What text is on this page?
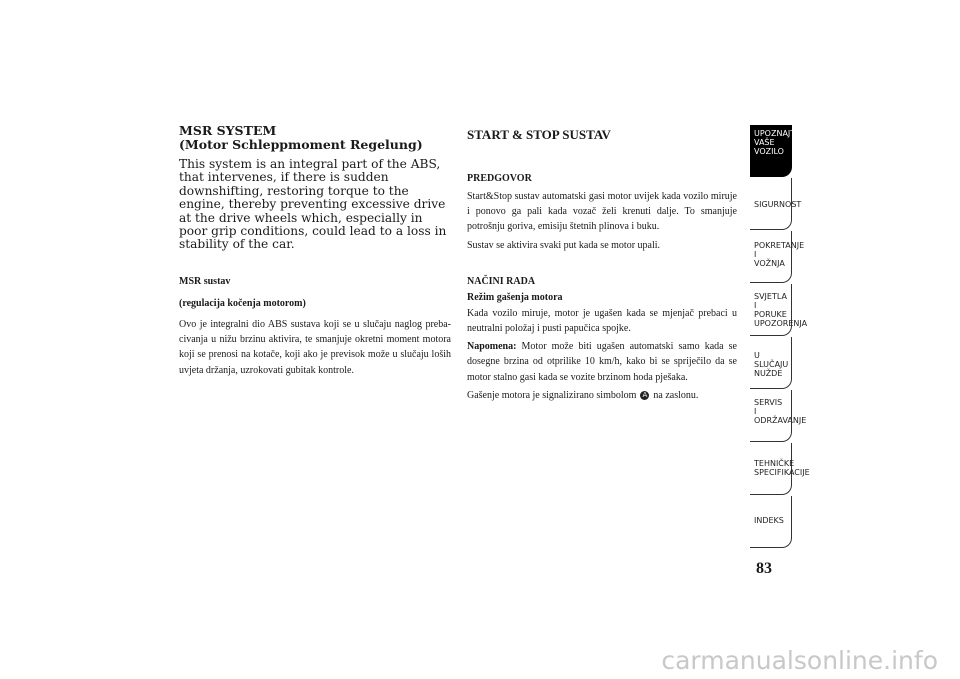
MSR SYSTEM

(Motor Schleppmoment Regelung)

This system is an integral part of the ABS, that intervenes, if there is sudden downshifting, restoring torque to the engine, thereby preventing excessive drive at the drive wheels which, especially in poor grip conditions, could lead to a loss in stability of the car.

MSR sustav

(regulacija kočenja motorom)

Ovo je integralni dio ABS sustava koji se u slučaju naglog preba-civanja u nižu brzinu aktivira, te smanjuje okretni moment motora koji se prenosi na kotače, koji ako je previsok može u slučaju loših uvjeta držanja, uzrokovati gubitak kontrole.

START & STOP SUSTAV

PREDGOVOR

Start&Stop sustav automatski gasi motor uvijek kada vozilo miruje i ponovo ga pali kada vozač želi krenuti dalje. To smanjuje potrošnju goriva, emisiju štetnih plinova i buku.

Sustav se aktivira svaki put kada se motor upali.

NAČINI RADA

Režim gašenja motora

Kada vozilo miruje, motor je ugašen kada se mjenjač prebaci u neutralni položaj i pusti papučica spojke.

Napomena: Motor može biti ugašen automatski samo kada se dosegne brzina od otprilike 10 km/h, kako bi se spriječilo da se motor stalno gasi kada se vozite brzinom hoda pješaka.

Gašenje motora je signalizirano simbolom A na zaslonu.

UPOZNAJTE
VAŠE
VOZILO
SIGURNOST
POKRETANJE
I
VOŽNJA
SVJETLA I
PORUKE
UPOZORENJA
U SLUČAJU
NUŽDE
SERVIS
I
ODRŽAVANJE
TEHNIČKE
SPECIFIKACIJE
INDEKS
83
carmanualsonline.info
